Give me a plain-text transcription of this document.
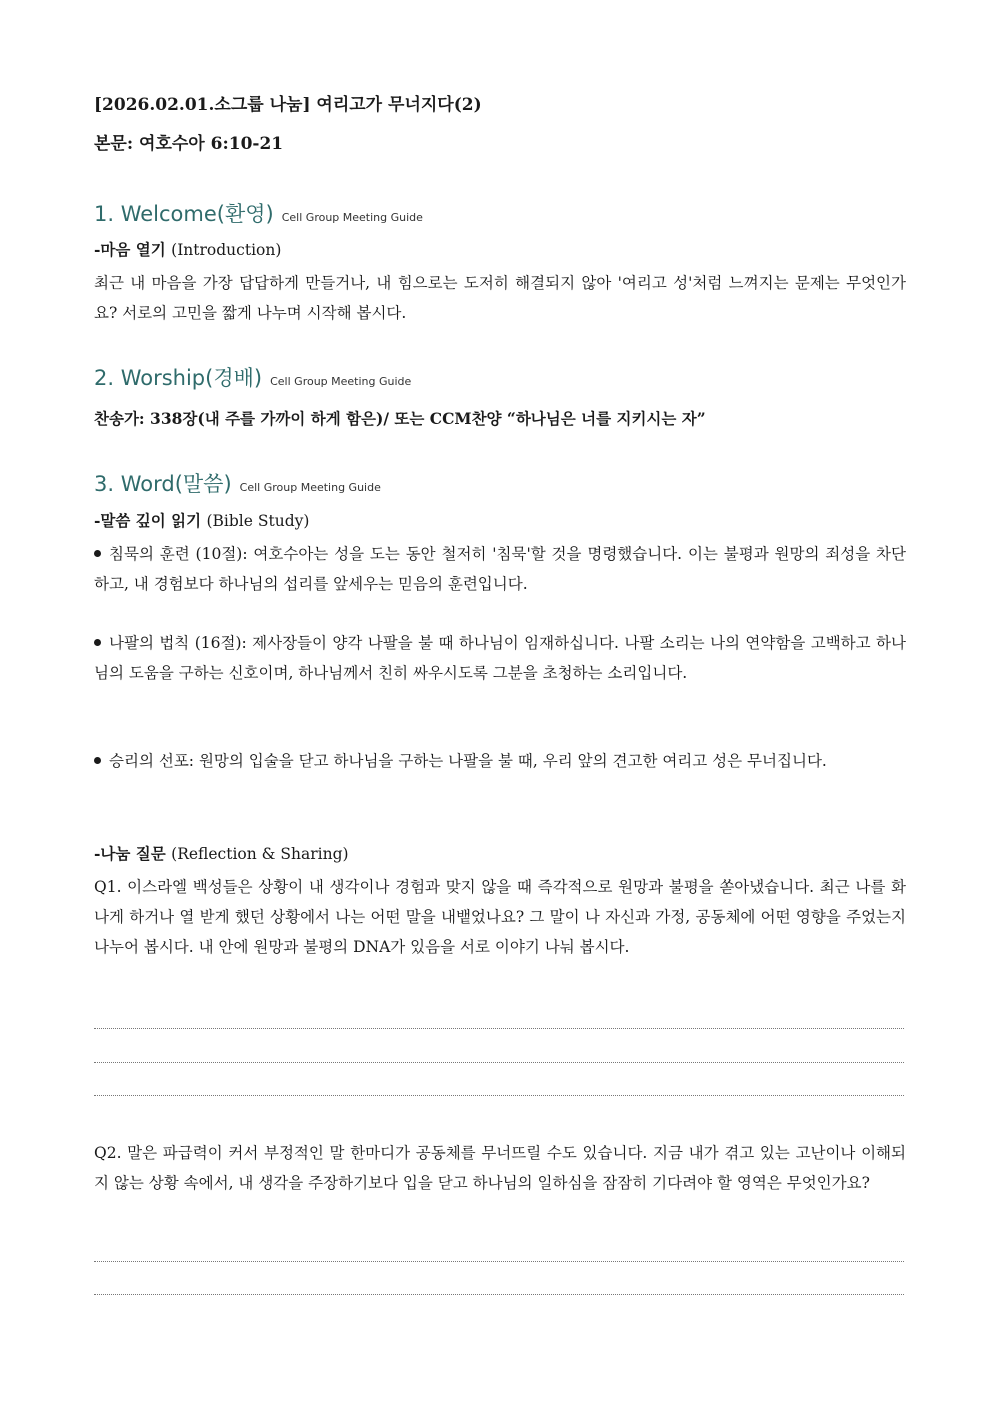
[2026.02.01.소그룹 나눔] 여리고가 무너지다(2)
본문: 여호수아 6:10-21
1. Welcome(환영) Cell Group Meeting Guide
-마음 열기 (Introduction)
최근 내 마음을 가장 답답하게 만들거나, 내 힘으로는 도저히 해결되지 않아 '여리고 성'처럼 느껴지는 문제는 무엇인가요? 서로의 고민을 짧게 나누며 시작해 봅시다.
2. Worship(경배) Cell Group Meeting Guide
찬송가: 338장(내 주를 가까이 하게 함은)/ 또는 CCM찬양 “하나님은 너를 지키시는 자”
3. Word(말씀) Cell Group Meeting Guide
-말씀 깊이 읽기 (Bible Study)
침묵의 훈련 (10절): 여호수아는 성을 도는 동안 철저히 '침묵'할 것을 명령했습니다. 이는 불평과 원망의 죄성을 차단하고, 내 경험보다 하나님의 섭리를 앞세우는 믿음의 훈련입니다.
나팔의 법칙 (16절): 제사장들이 양각 나팔을 불 때 하나님이 임재하십니다. 나팔 소리는 나의 연약함을 고백하고 하나님의 도움을 구하는 신호이며, 하나님께서 친히 싸우시도록 그분을 초청하는 소리입니다.
승리의 선포: 원망의 입술을 닫고 하나님을 구하는 나팔을 불 때, 우리 앞의 견고한 여리고 성은 무너집니다.
-나눔 질문 (Reflection & Sharing)
Q1. 이스라엘 백성들은 상황이 내 생각이나 경험과 맞지 않을 때 즉각적으로 원망과 불평을 쏟아냈습니다. 최근 나를 화나게 하거나 열 받게 했던 상황에서 나는 어떤 말을 내뱉었나요? 그 말이 나 자신과 가정, 공동체에 어떤 영향을 주었는지 나누어 봅시다. 내 안에 원망과 불평의 DNA가 있음을 서로 이야기 나눠 봅시다.
Q2. 말은 파급력이 커서 부정적인 말 한마디가 공동체를 무너뜨릴 수도 있습니다. 지금 내가 겪고 있는 고난이나 이해되지 않는 상황 속에서, 내 생각을 주장하기보다 입을 닫고 하나님의 일하심을 잠잠히 기다려야 할 영역은 무엇인가요?
